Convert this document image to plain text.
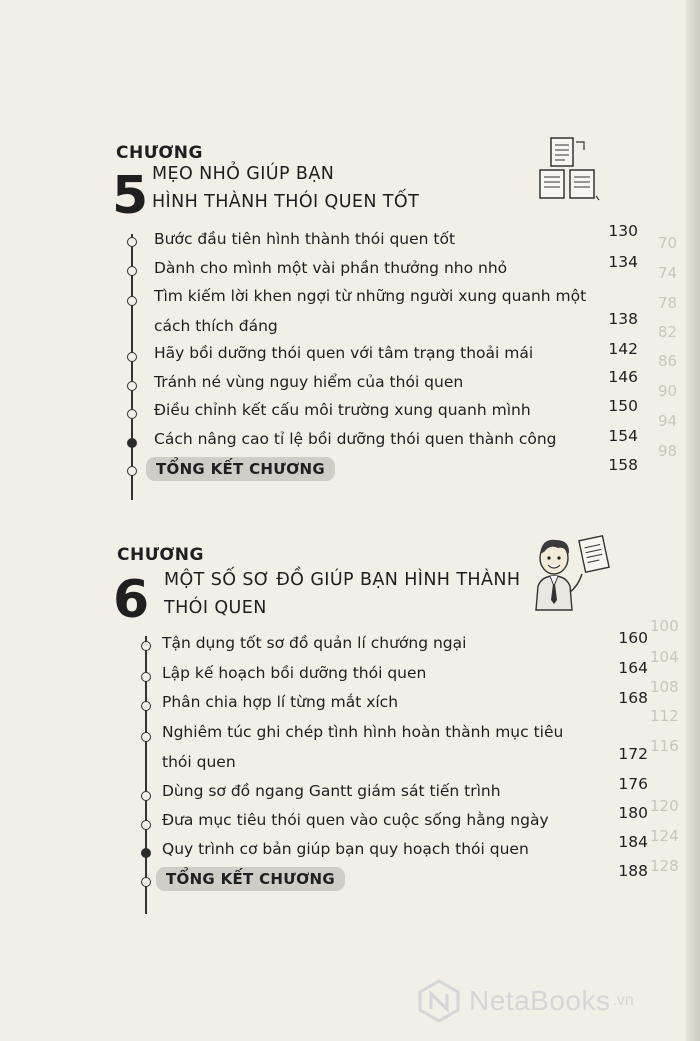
70
74
78
82
86
90
94
98
100
104
108
112
116
120
124
128
CHƯƠNG
5 MẸO NHỎ GIÚP BẠN
HÌNH THÀNH THÓI QUEN TỐT
Bước đầu tiên hình thành thói quen tốt	130
Dành cho mình một vài phần thưởng nho nhỏ	134
Tìm kiếm lời khen ngợi từ những người xung quanh một
cách thích đáng	138
Hãy bồi dưỡng thói quen với tâm trạng thoải mái	142
Tránh né vùng nguy hiểm của thói quen	146
Điều chỉnh kết cấu môi trường xung quanh mình	150
Cách nâng cao tỉ lệ bồi dưỡng thói quen thành công	154
TỔNG KẾT CHƯƠNG	158
CHƯƠNG
6 MỘT SỐ SƠ ĐỒ GIÚP BẠN HÌNH THÀNH
THÓI QUEN
Tận dụng tốt sơ đồ quản lí chướng ngại	160
Lập kế hoạch bồi dưỡng thói quen	164
Phân chia hợp lí từng mắt xích	168
Nghiêm túc ghi chép tình hình hoàn thành mục tiêu
thói quen	172
Dùng sơ đồ ngang Gantt giám sát tiến trình	176
Đưa mục tiêu thói quen vào cuộc sống hằng ngày	180
Quy trình cơ bản giúp bạn quy hoạch thói quen	184
TỔNG KẾT CHƯƠNG	188
NetaBooks .vn
